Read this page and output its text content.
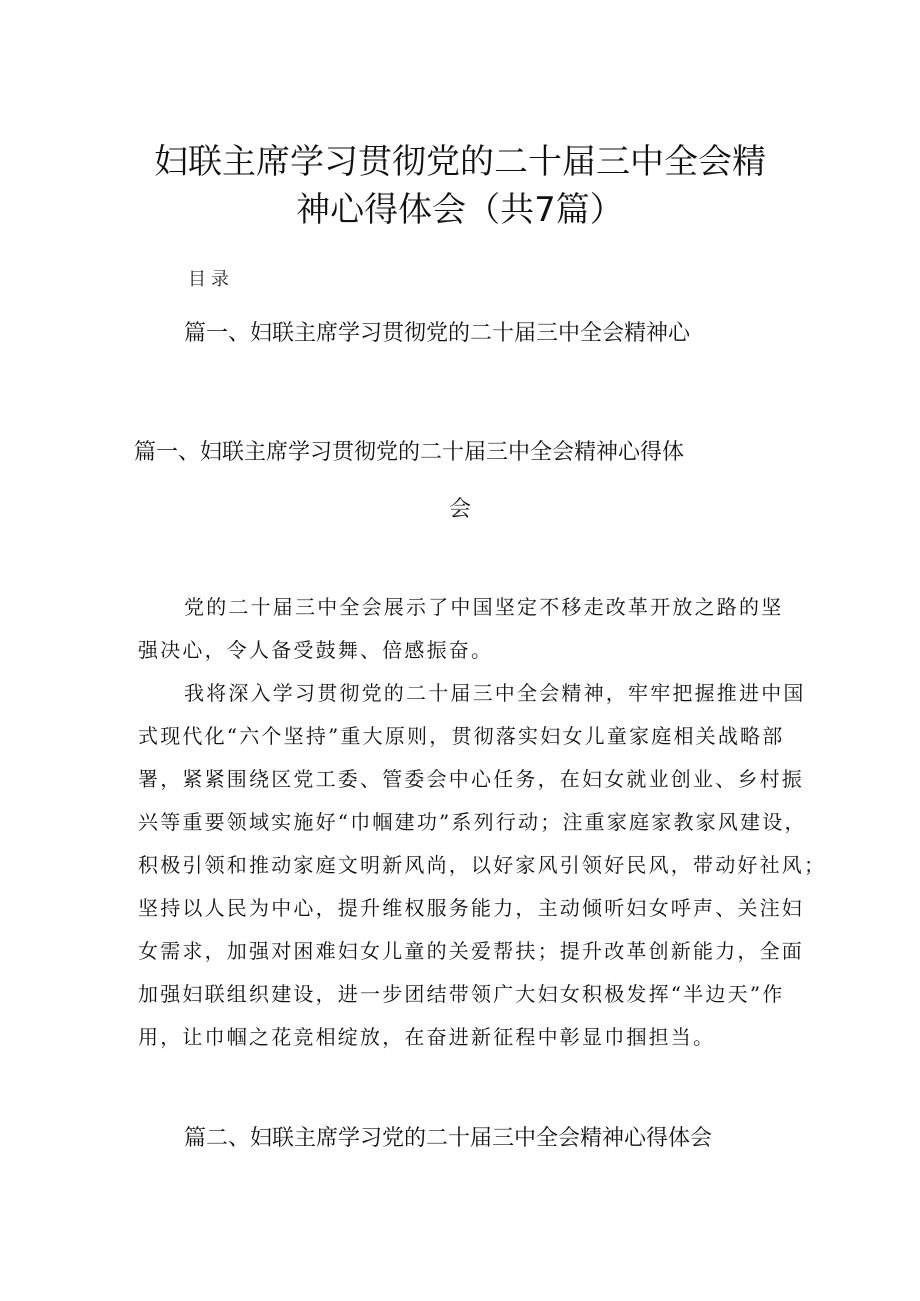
妇联主席学习贯彻党的二十届三中全会精
神心得体会（共7篇）
目录
篇一、妇联主席学习贯彻党的二十届三中全会精神心
篇一、妇联主席学习贯彻党的二十届三中全会精神心得体
会
党的二十届三中全会展示了中国坚定不移走改革开放之路的坚
强决心，令人备受鼓舞、倍感振奋。
我将深入学习贯彻党的二十届三中全会精神，牢牢把握推进中国
式现代化“六个坚持”重大原则，贯彻落实妇女儿童家庭相关战略部
署，紧紧围绕区党工委、管委会中心任务，在妇女就业创业、乡村振
兴等重要领域实施好“巾帼建功”系列行动；注重家庭家教家风建设，
积极引领和推动家庭文明新风尚，以好家风引领好民风，带动好社风；
坚持以人民为中心，提升维权服务能力，主动倾听妇女呼声、关注妇
女需求，加强对困难妇女儿童的关爱帮扶；提升改革创新能力，全面
加强妇联组织建设，进一步团结带领广大妇女积极发挥“半边天”作
用，让巾帼之花竞相绽放，在奋进新征程中彰显巾掴担当。
篇二、妇联主席学习党的二十届三中全会精神心得体会
